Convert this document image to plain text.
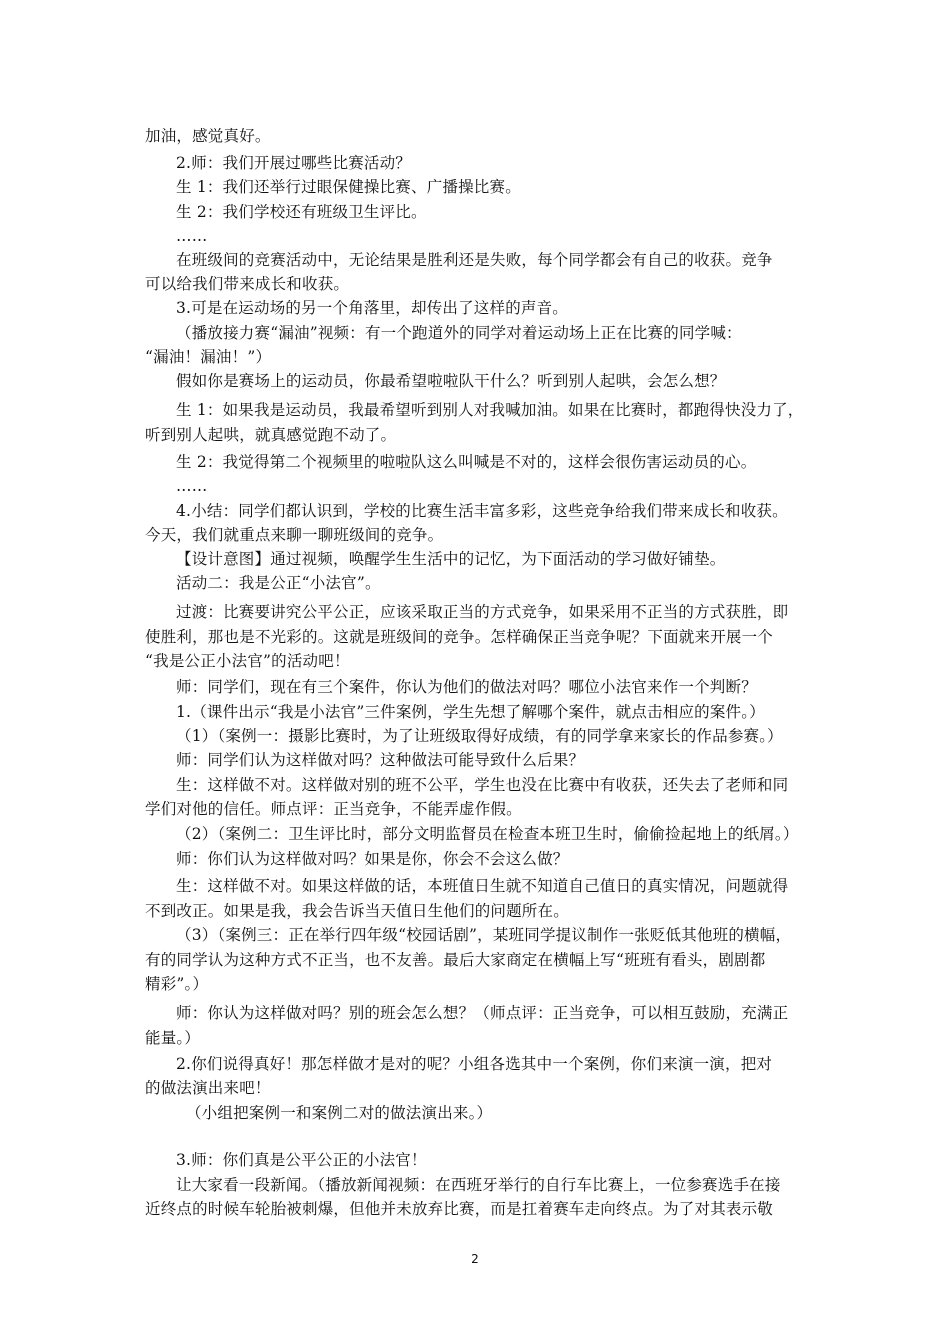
加油，感觉真好。
2.师：我们开展过哪些比赛活动？
生 1：我们还举行过眼保健操比赛、广播操比赛。
生 2：我们学校还有班级卫生评比。
……
在班级间的竞赛活动中，无论结果是胜利还是失败，每个同学都会有自己的收获。竞争
可以给我们带来成长和收获。
3.可是在运动场的另一个角落里，却传出了这样的声音。
（播放接力赛“漏油”视频：有一个跑道外的同学对着运动场上正在比赛的同学喊：
“漏油！漏油！”）
假如你是赛场上的运动员，你最希望啦啦队干什么？听到别人起哄，会怎么想？
生 1：如果我是运动员，我最希望听到别人对我喊加油。如果在比赛时，都跑得快没力了，
听到别人起哄，就真感觉跑不动了。
生 2：我觉得第二个视频里的啦啦队这么叫喊是不对的，这样会很伤害运动员的心。
……
4.小结：同学们都认识到，学校的比赛生活丰富多彩，这些竞争给我们带来成长和收获。
今天，我们就重点来聊一聊班级间的竞争。
【设计意图】通过视频，唤醒学生生活中的记忆，为下面活动的学习做好铺垫。
活动二：我是公正“小法官”。
过渡：比赛要讲究公平公正，应该采取正当的方式竞争，如果采用不正当的方式获胜，即
使胜利，那也是不光彩的。这就是班级间的竞争。怎样确保正当竞争呢？下面就来开展一个
“我是公正小法官”的活动吧！
师：同学们，现在有三个案件，你认为他们的做法对吗？哪位小法官来作一个判断？
1.（课件出示“我是小法官”三件案例，学生先想了解哪个案件，就点击相应的案件。）
（1）（案例一：摄影比赛时，为了让班级取得好成绩，有的同学拿来家长的作品参赛。）
师：同学们认为这样做对吗？这种做法可能导致什么后果？
生：这样做不对。这样做对别的班不公平，学生也没在比赛中有收获，还失去了老师和同
学们对他的信任。师点评：正当竞争，不能弄虚作假。
（2）（案例二：卫生评比时，部分文明监督员在检查本班卫生时，偷偷捡起地上的纸屑。）
师：你们认为这样做对吗？如果是你，你会不会这么做？
生：这样做不对。如果这样做的话，本班值日生就不知道自己值日的真实情况，问题就得
不到改正。如果是我，我会告诉当天值日生他们的问题所在。
（3）（案例三：正在举行四年级“校园话剧”，某班同学提议制作一张贬低其他班的横幅，
有的同学认为这种方式不正当，也不友善。最后大家商定在横幅上写“班班有看头，剧剧都
精彩”。）
师：你认为这样做对吗？别的班会怎么想？（师点评：正当竞争，可以相互鼓励，充满正
能量。）
2.你们说得真好！那怎样做才是对的呢？小组各选其中一个案例，你们来演一演，把对
的做法演出来吧！
（小组把案例一和案例二对的做法演出来。）
3.师：你们真是公平公正的小法官！
让大家看一段新闻。（播放新闻视频：在西班牙举行的自行车比赛上，一位参赛选手在接
近终点的时候车轮胎被刺爆，但他并未放弃比赛，而是扛着赛车走向终点。为了对其表示敬
2
